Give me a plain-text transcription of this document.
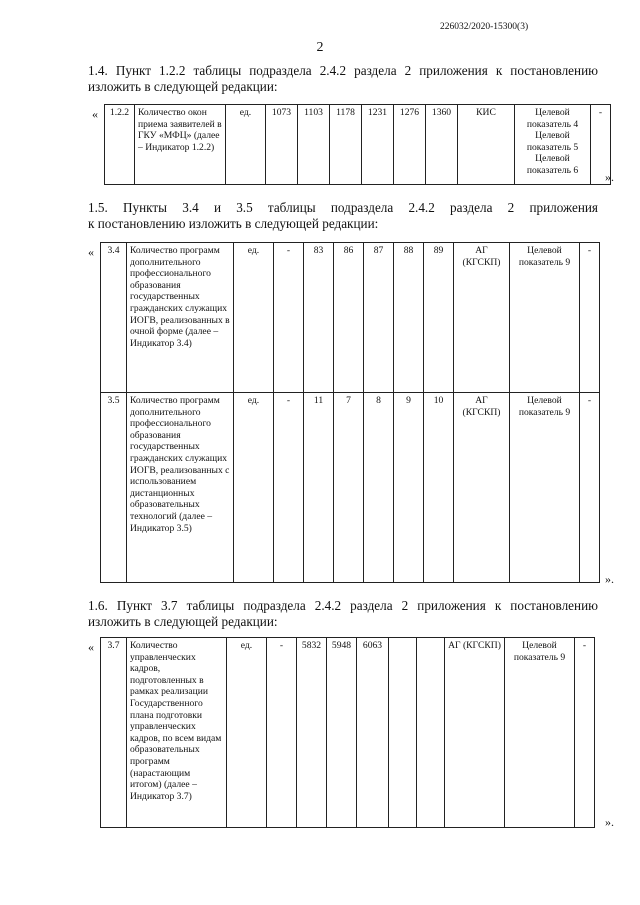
226032/2020-15300(3)
2

1.4. Пункт 1.2.2 таблицы подраздела 2.4.2 раздела 2 приложения к постановлению
изложить в следующей редакции:

« 1.2.2	Количество окон приема заявителей в ГКУ «МФЦ» (далее – Индикатор 1.2.2)	ед.	1073	1103	1178	1231	1276	1360	КИС	Целевой показатель 4 Целевой показатель 5 Целевой показатель 6	-
».

1.5. Пункты 3.4 и 3.5 таблицы подраздела 2.4.2 раздела 2 приложения
к постановлению изложить в следующей редакции:

« 3.4	Количество программ дополнительного профессионального образования государственных гражданских служащих ИОГВ, реализованных в очной форме (далее – Индикатор 3.4)	ед.	-	83	86	87	88	89	АГ (КГСКП)	Целевой показатель 9	-
3.5	Количество программ дополнительного профессионального образования государственных гражданских служащих ИОГВ, реализованных с использованием дистанционных образовательных технологий (далее – Индикатор 3.5)	ед.	-	11	7	8	9	10	АГ (КГСКП)	Целевой показатель 9	-
».

1.6. Пункт 3.7 таблицы подраздела 2.4.2 раздела 2 приложения к постановлению
изложить в следующей редакции:

« 3.7	Количество управленческих кадров, подготовленных в рамках реализации Государственного плана подготовки управленческих кадров, по всем видам образовательных программ (нарастающим итогом) (далее – Индикатор 3.7)	ед.	-	5832	5948	6063			АГ (КГСКП)	Целевой показатель 9	-
».
